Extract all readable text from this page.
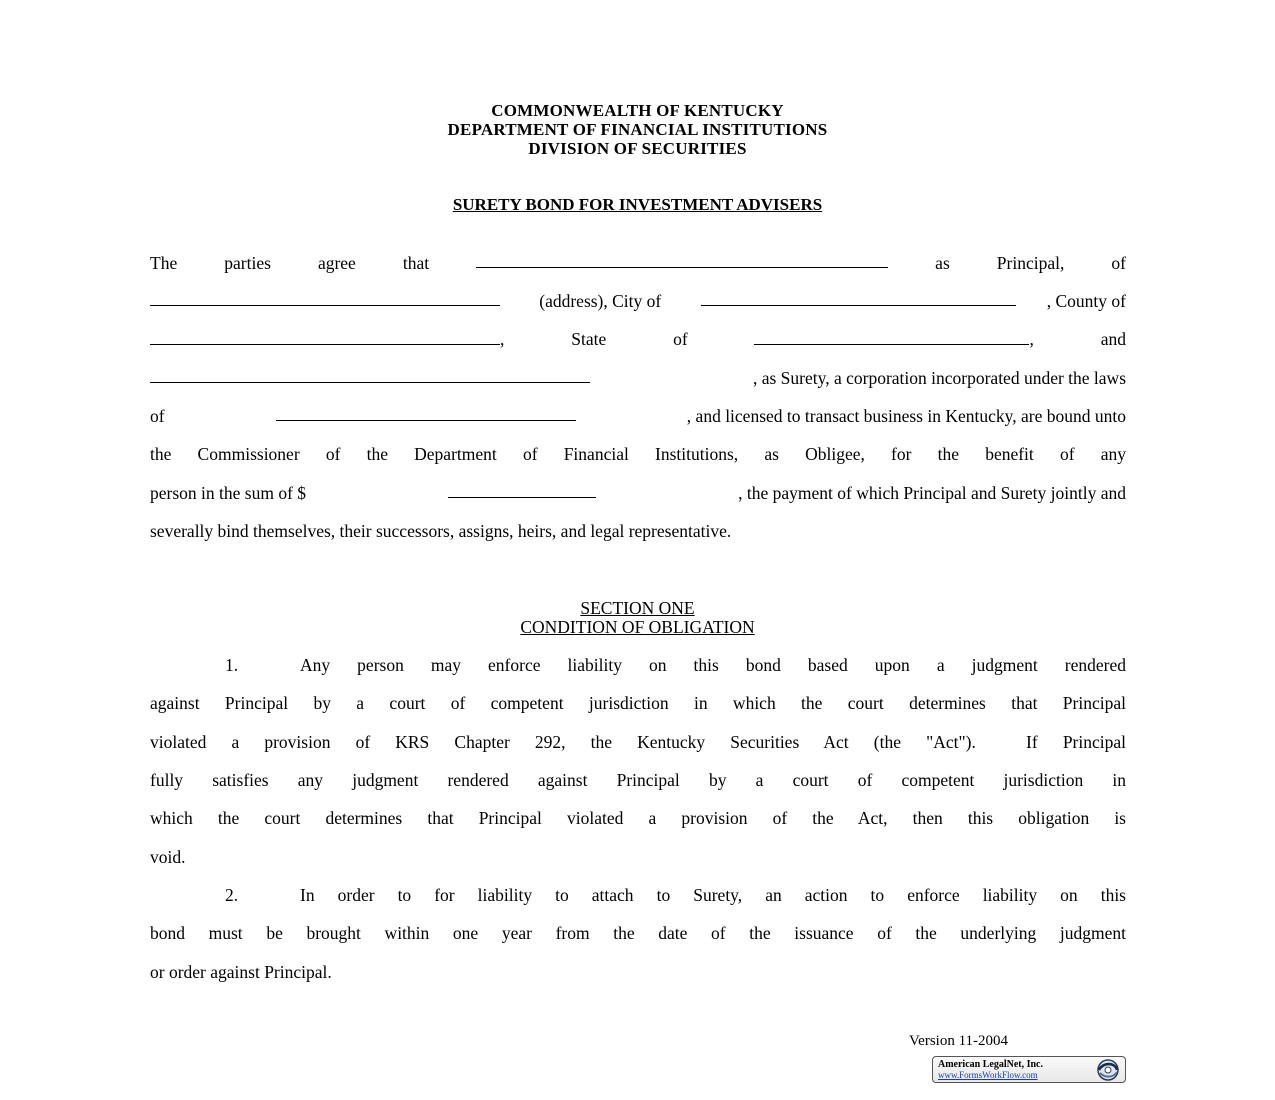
COMMONWEALTH OF KENTUCKY
DEPARTMENT OF FINANCIAL INSTITUTIONS
DIVISION OF SECURITIES
SURETY BOND FOR INVESTMENT ADVISERS
The	parties	agree	that	as	Principal,	of
(address), City of	, County of
,	State	of	,	and
, as Surety, a corporation incorporated under the laws
of	, and licensed to transact business in Kentucky, are bound unto
the Commissioner of the Department of Financial Institutions, as Obligee, for the benefit of any
person in the sum of $	, the payment of which Principal and Surety jointly and
severally bind themselves, their successors, assigns, heirs, and legal representative.
SECTION ONE
CONDITION OF OBLIGATION
1.	Any person may enforce liability on this bond based upon a judgment rendered
against Principal by a court of competent jurisdiction in which the court determines that Principal
violated a provision of KRS Chapter 292, the Kentucky Securities Act (the "Act").  If Principal
fully satisfies any judgment rendered against Principal by a court of competent jurisdiction in
which the court determines that Principal violated a provision of the Act, then this obligation is
void.
2.	In order to for liability to attach to Surety, an action to enforce liability on this
bond must be brought within one year from the date of the issuance of the underlying judgment
or order against Principal.
Version 11-2004
American LegalNet, Inc.
www.FormsWorkFlow.com
